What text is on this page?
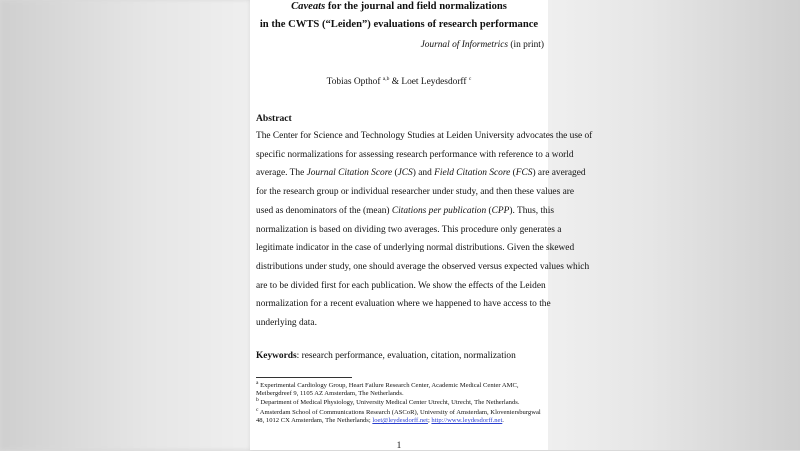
Caveats for the journal and field normalizations
in the CWTS (“Leiden”) evaluations of research performance
Journal of Informetrics (in print)
Tobias Opthof $^{a,b}$ & Loet Leydesdorff $^c$
Abstract
The Center for Science and Technology Studies at Leiden University advocates the use of
specific normalizations for assessing research performance with reference to a world
average. The Journal Citation Score (JCS) and Field Citation Score (FCS) are averaged
for the research group or individual researcher under study, and then these values are
used as denominators of the (mean) Citations per publication (CPP). Thus, this
normalization is based on dividing two averages. This procedure only generates a
legitimate indicator in the case of underlying normal distributions. Given the skewed
distributions under study, one should average the observed versus expected values which
are to be divided first for each publication. We show the effects of the Leiden
normalization for a recent evaluation where we happened to have access to the
underlying data.
Keywords: research performance, evaluation, citation, normalization
$^a$ Experimental Cardiology Group, Heart Failure Research Center, Academic Medical Center AMC, Meibergdreef 9, 1105 AZ Amsterdam, The Netherlands.
$^b$ Department of Medical Physiology, University Medical Center Utrecht, Utrecht, The Netherlands.
$^c$ Amsterdam School of Communications Research (ASCoR), University of Amsterdam, Kloveniersburgwal 48, 1012 CX Amsterdam, The Netherlands; loet@leydesdorff.net; http://www.leydesdorff.net.
1
